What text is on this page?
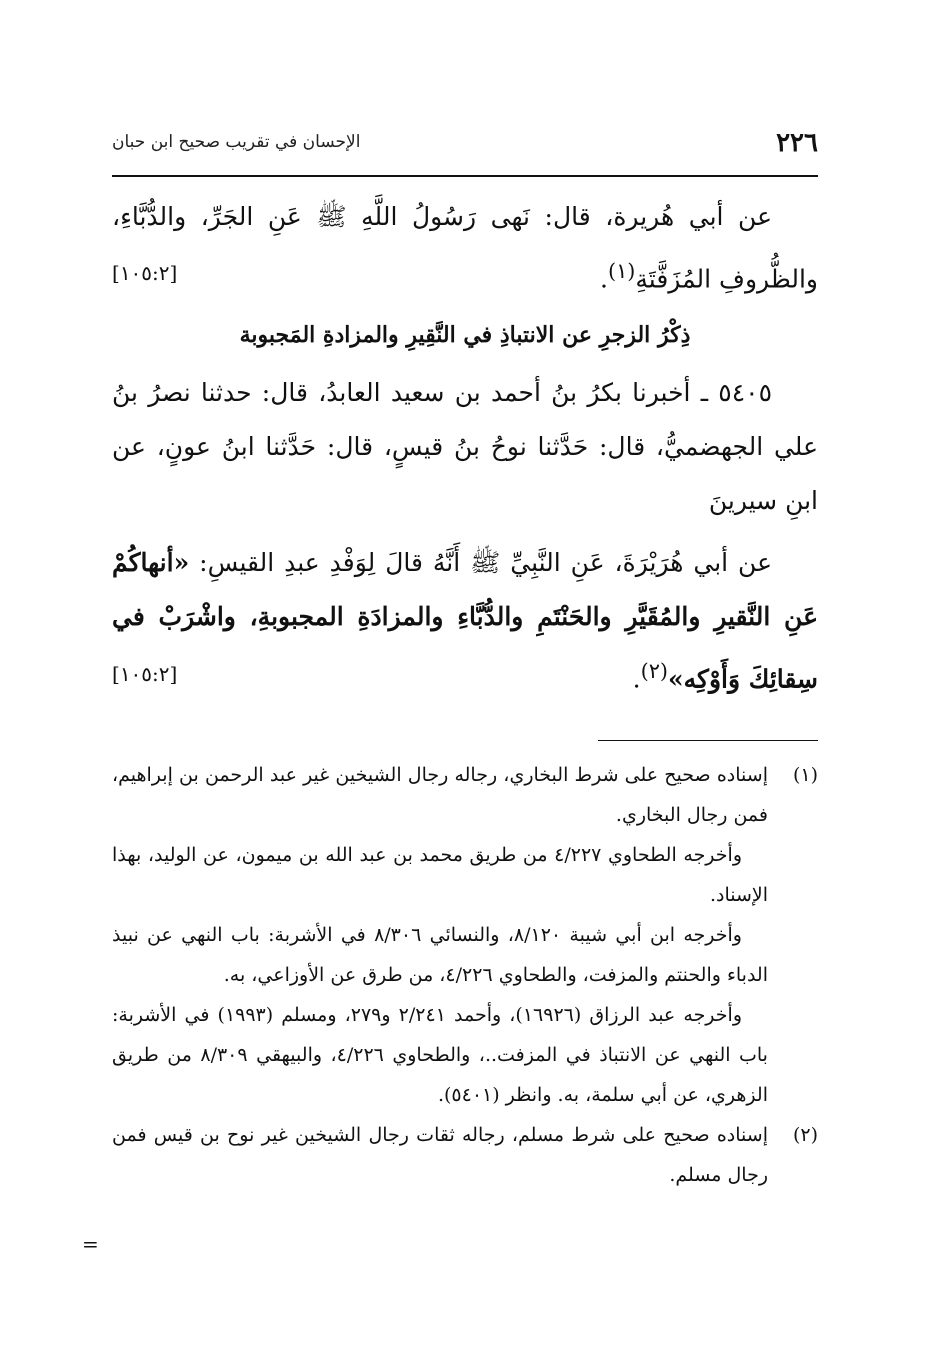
٢٢٦
الإحسان في تقريب صحيح ابن حبان

عن أبي هُريرة، قال: نَهى رَسُولُ اللَّهِ ﷺ عَنِ الجَرِّ، والدُّبَّاءِ، والظُّروفِ المُزَفَّتَةِ$^{(١)}$.
[١٠٥:٢]

ذِكْرُ الزجرِ عن الانتباذِ في النَّقِيرِ والمزادةِ المَجبوبة

٥٤٠٥ ـ أخبرنا بكرُ بنُ أحمد بن سعيد العابدُ، قال: حدثنا نصرُ بنُ علي الجهضميُّ، قال: حَدَّثنا نوحُ بنُ قيسٍ، قال: حَدَّثنا ابنُ عونٍ، عن ابنِ سيرينَ

عن أبي هُرَيْرَةَ، عَنِ النَّبِيِّ ﷺ أَنَّهُ قالَ لِوَفْدِ عبدِ القيسِ: «أنهاكُمْ عَنِ النَّقيرِ والمُقَيَّرِ والحَنْتَمِ والدُّبَّاءِ والمزادَةِ المجبوبةِ، واشْرَبْ في سِقائِكَ وَأَوْكِه»$^{(٢)}$.
[١٠٥:٢]

(١)
إسناده صحيح على شرط البخاري، رجاله رجال الشيخين غير عبد الرحمن بن إبراهيم، فمن رجال البخاري.

وأخرجه الطحاوي ٤/٢٢٧ من طريق محمد بن عبد الله بن ميمون، عن الوليد، بهذا الإسناد.

وأخرجه ابن أبي شيبة ٨/١٢٠، والنسائي ٨/٣٠٦ في الأشربة: باب النهي عن نبيذ الدباء والحنتم والمزفت، والطحاوي ٤/٢٢٦، من طرق عن الأوزاعي، به.

وأخرجه عبد الرزاق (١٦٩٢٦)، وأحمد ٢/٢٤١ و٢٧٩، ومسلم (١٩٩٣) في الأشربة: باب النهي عن الانتباذ في المزفت..، والطحاوي ٤/٢٢٦، والبيهقي ٨/٣٠٩ من طريق الزهري، عن أبي سلمة، به. وانظر (٥٤٠١).

(٢)
إسناده صحيح على شرط مسلم، رجاله ثقات رجال الشيخين غير نوح بن قيس فمن رجال مسلم.

=
